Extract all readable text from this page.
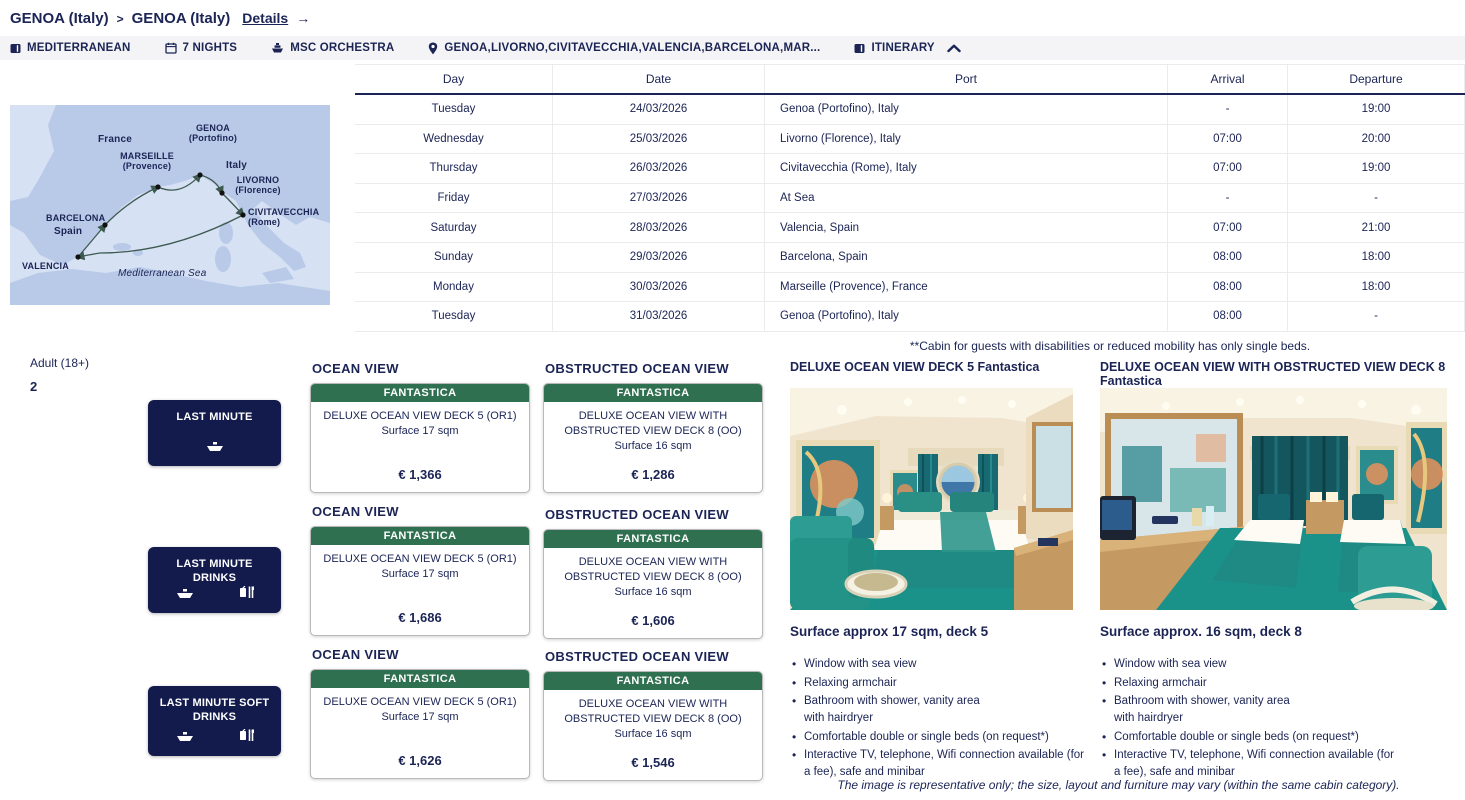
GENOA (Italy) > GENOA (Italy) Details →
MEDITERRANEAN	7 NIGHTS	MSC ORCHESTRA	GENOA,LIVORNO,CIVITAVECCHIA,VALENCIA,BARCELONA,MAR...	ITINERARY
France
GENOA
(Portofino)
MARSEILLE
(Provence)	Italy
LIVORNO
(Florence)
BARCELONA
CIVITAVECCHIA
(Rome)
Spain
VALENCIA
Mediterranean Sea
Day	Date	Port	Arrival	Departure
Tuesday	24/03/2026	Genoa (Portofino), Italy	-	19:00
Wednesday	25/03/2026	Livorno (Florence), Italy	07:00	20:00
Thursday	26/03/2026	Civitavecchia (Rome), Italy	07:00	19:00
Friday	27/03/2026	At Sea	-	-
Saturday	28/03/2026	Valencia, Spain	07:00	21:00
Sunday	29/03/2026	Barcelona, Spain	08:00	18:00
Monday	30/03/2026	Marseille (Provence), France	08:00	18:00
Tuesday	31/03/2026	Genoa (Portofino), Italy	08:00	-
Adult (18+)
2
LAST MINUTE
LAST MINUTE DRINKS
LAST MINUTE SOFT DRINKS
OCEAN VIEW
FANTASTICA
DELUXE OCEAN VIEW DECK 5 (OR1)
Surface 17 sqm
€ 1,366
OBSTRUCTED OCEAN VIEW
FANTASTICA
DELUXE OCEAN VIEW WITH OBSTRUCTED VIEW DECK 8 (OO)
Surface 16 sqm
€ 1,286
OCEAN VIEW
FANTASTICA
DELUXE OCEAN VIEW DECK 5 (OR1)
Surface 17 sqm
€ 1,686
OBSTRUCTED OCEAN VIEW
FANTASTICA
DELUXE OCEAN VIEW WITH OBSTRUCTED VIEW DECK 8 (OO)
Surface 16 sqm
€ 1,606
OCEAN VIEW
FANTASTICA
DELUXE OCEAN VIEW DECK 5 (OR1)
Surface 17 sqm
€ 1,626
OBSTRUCTED OCEAN VIEW
FANTASTICA
DELUXE OCEAN VIEW WITH OBSTRUCTED VIEW DECK 8 (OO)
Surface 16 sqm
€ 1,546
**Cabin for guests with disabilities or reduced mobility has only single beds.
DELUXE OCEAN VIEW DECK 5 Fantastica
Surface approx 17 sqm, deck 5
• Window with sea view
• Relaxing armchair
• Bathroom with shower, vanity area
with hairdryer
• Comfortable double or single beds (on request*)
• Interactive TV, telephone, Wifi connection available (for
a fee), safe and minibar
DELUXE OCEAN VIEW WITH OBSTRUCTED VIEW DECK 8 Fantastica
Surface approx. 16 sqm, deck 8
• Window with sea view
• Relaxing armchair
• Bathroom with shower, vanity area
with hairdryer
• Comfortable double or single beds (on request*)
• Interactive TV, telephone, Wifi connection available (for
a fee), safe and minibar
The image is representative only; the size, layout and furniture may vary (within the same cabin category).
